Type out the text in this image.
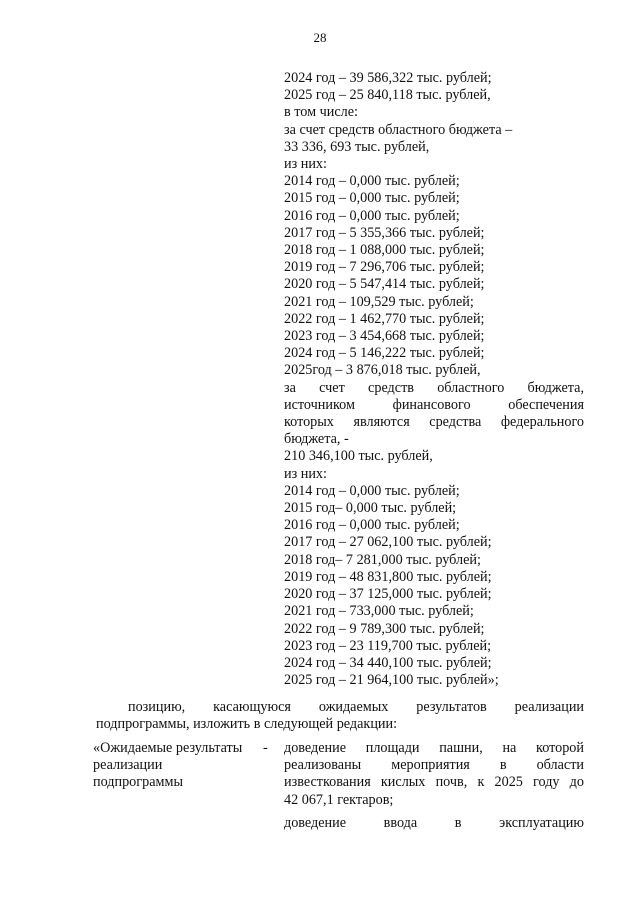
28
2024 год – 39 586,322 тыс. рублей;
2025 год – 25 840,118 тыс. рублей,
в том числе:
за счет средств областного бюджета –
33 336, 693 тыс. рублей,
из них:
2014 год – 0,000 тыс. рублей;
2015 год – 0,000 тыс. рублей;
2016 год – 0,000 тыс. рублей;
2017 год – 5 355,366 тыс. рублей;
2018 год – 1 088,000 тыс. рублей;
2019 год – 7 296,706 тыс. рублей;
2020 год – 5 547,414 тыс. рублей;
2021 год – 109,529 тыс. рублей;
2022 год – 1 462,770 тыс. рублей;
2023 год – 3 454,668 тыс. рублей;
2024 год – 5 146,222 тыс. рублей;
2025год – 3 876,018 тыс. рублей,
за счет средств областного бюджета,
источником финансового обеспечения
которых являются средства федерального
бюджета, -
210 346,100 тыс. рублей,
из них:
2014 год – 0,000 тыс. рублей;
2015 год– 0,000 тыс. рублей;
2016 год – 0,000 тыс. рублей;
2017 год – 27 062,100 тыс. рублей;
2018 год– 7 281,000 тыс. рублей;
2019 год – 48 831,800 тыс. рублей;
2020 год – 37 125,000 тыс. рублей;
2021 год – 733,000 тыс. рублей;
2022 год – 9 789,300 тыс. рублей;
2023 год – 23 119,700 тыс. рублей;
2024 год – 34 440,100 тыс. рублей;
2025 год – 21 964,100 тыс. рублей»;
позицию, касающуюся ожидаемых результатов реализации
подпрограммы, изложить в следующей редакции:
«Ожидаемые результаты
реализации
подпрограммы
- доведение площади пашни, на которой
реализованы мероприятия в области
известкования кислых почв, к 2025 году до
42 067,1 гектаров;
доведение ввода в эксплуатацию
